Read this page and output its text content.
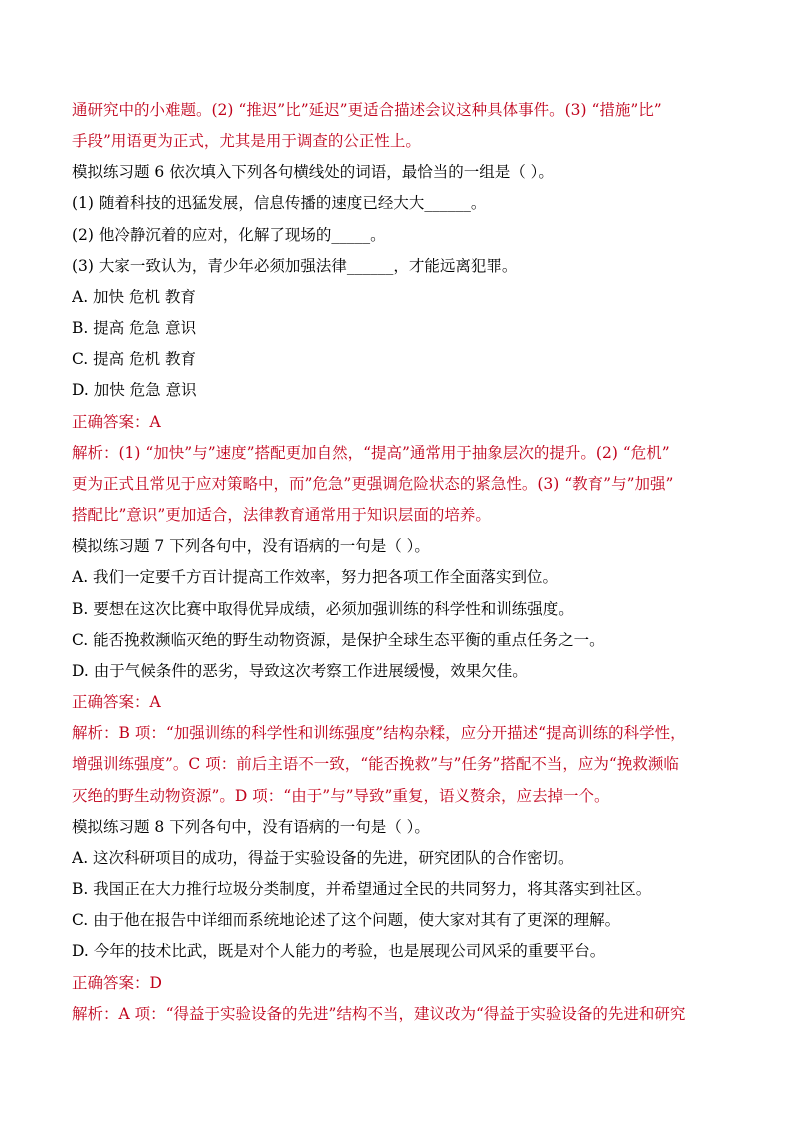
通研究中的小难题。(2) “推迟”比”延迟”更适合描述会议这种具体事件。(3) “措施”比”
手段”用语更为正式，尤其是用于调查的公正性上。
模拟练习题 6 依次填入下列各句横线处的词语，最恰当的一组是（ ）。
(1) 随着科技的迅猛发展，信息传播的速度已经大大______。
(2) 他冷静沉着的应对，化解了现场的_____。
(3) 大家一致认为，青少年必须加强法律______，才能远离犯罪。
A. 加快 危机 教育
B. 提高 危急 意识
C. 提高 危机 教育
D. 加快 危急 意识
正确答案：A
解析：(1) “加快”与”速度”搭配更加自然，“提高”通常用于抽象层次的提升。(2) “危机”
更为正式且常见于应对策略中，而”危急”更强调危险状态的紧急性。(3) “教育”与”加强”
搭配比”意识”更加适合，法律教育通常用于知识层面的培养。
模拟练习题 7 下列各句中，没有语病的一句是（ ）。
A. 我们一定要千方百计提高工作效率，努力把各项工作全面落实到位。
B. 要想在这次比赛中取得优异成绩，必须加强训练的科学性和训练强度。
C. 能否挽救濒临灭绝的野生动物资源，是保护全球生态平衡的重点任务之一。
D. 由于气候条件的恶劣，导致这次考察工作进展缓慢，效果欠佳。
正确答案：A
解析：B 项：“加强训练的科学性和训练强度”结构杂糅，应分开描述“提高训练的科学性，
增强训练强度”。C 项：前后主语不一致，“能否挽救”与”任务”搭配不当，应为“挽救濒临
灭绝的野生动物资源”。D 项：“由于”与”导致”重复，语义赘余，应去掉一个。
模拟练习题 8 下列各句中，没有语病的一句是（ ）。
A. 这次科研项目的成功，得益于实验设备的先进，研究团队的合作密切。
B. 我国正在大力推行垃圾分类制度，并希望通过全民的共同努力，将其落实到社区。
C. 由于他在报告中详细而系统地论述了这个问题，使大家对其有了更深的理解。
D. 今年的技术比武，既是对个人能力的考验，也是展现公司风采的重要平台。
正确答案：D
解析：A 项：“得益于实验设备的先进”结构不当，建议改为“得益于实验设备的先进和研究
